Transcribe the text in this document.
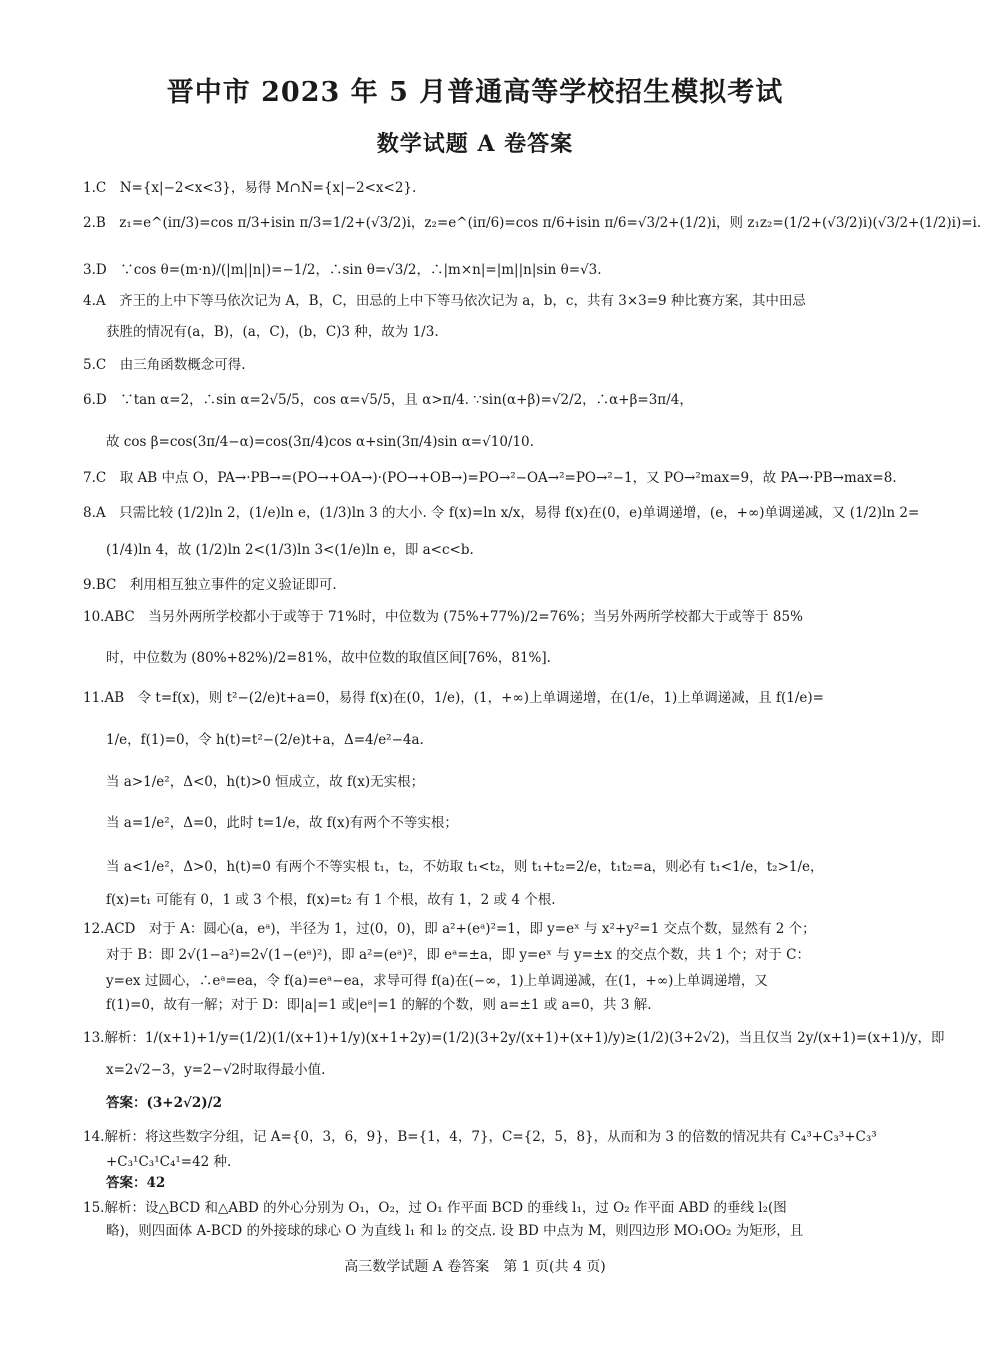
晋中市 2023 年 5 月普通高等学校招生模拟考试
数学试题 A 卷答案
1.C　N={x|−2<x<3}，易得 M∩N={x|−2<x<2}.
2.B　z₁=e^(iπ/3)=cos π/3+isin π/3=1/2+(√3/2)i，z₂=e^(iπ/6)=cos π/6+isin π/6=√3/2+(1/2)i，则 z₁z₂=(1/2+(√3/2)i)(√3/2+(1/2)i)=i.
3.D　∵cos θ=(m·n)/(|m||n|)=−1/2，∴sin θ=√3/2，∴|m×n|=|m||n|sin θ=√3.
4.A　齐王的上中下等马依次记为 A，B，C，田忌的上中下等马依次记为 a，b，c，共有 3×3=9 种比赛方案，其中田忌
获胜的情况有(a，B)，(a，C)，(b，C)3 种，故为 1/3.
5.C　由三角函数概念可得.
6.D　∵tan α=2，∴sin α=2√5/5，cos α=√5/5，且 α>π/4. ∵sin(α+β)=√2/2，∴α+β=3π/4，
故 cos β=cos(3π/4−α)=cos(3π/4)cos α+sin(3π/4)sin α=√10/10.
7.C　取 AB 中点 O，PA→·PB→=(PO→+OA→)·(PO→+OB→)=PO→²−OA→²=PO→²−1，又 PO→²max=9，故 PA→·PB→max=8.
8.A　只需比较 (1/2)ln 2，(1/e)ln e，(1/3)ln 3 的大小. 令 f(x)=ln x/x，易得 f(x)在(0，e)单调递增，(e，+∞)单调递减，又 (1/2)ln 2=
(1/4)ln 4，故 (1/2)ln 2<(1/3)ln 3<(1/e)ln e，即 a<c<b.
9.BC　利用相互独立事件的定义验证即可.
10.ABC　当另外两所学校都小于或等于 71%时，中位数为 (75%+77%)/2=76%；当另外两所学校都大于或等于 85%
时，中位数为 (80%+82%)/2=81%，故中位数的取值区间[76%，81%].
11.AB　令 t=f(x)，则 t²−(2/e)t+a=0，易得 f(x)在(0，1/e)，(1，+∞)上单调递增，在(1/e，1)上单调递减，且 f(1/e)=
1/e，f(1)=0，令 h(t)=t²−(2/e)t+a，Δ=4/e²−4a.
当 a>1/e²，Δ<0，h(t)>0 恒成立，故 f(x)无实根；
当 a=1/e²，Δ=0，此时 t=1/e，故 f(x)有两个不等实根；
当 a<1/e²，Δ>0，h(t)=0 有两个不等实根 t₁，t₂，不妨取 t₁<t₂，则 t₁+t₂=2/e，t₁t₂=a，则必有 t₁<1/e，t₂>1/e，
f(x)=t₁ 可能有 0，1 或 3 个根，f(x)=t₂ 有 1 个根，故有 1，2 或 4 个根.
12.ACD　对于 A：圆心(a，eᵃ)，半径为 1，过(0，0)，即 a²+(eᵃ)²=1，即 y=eˣ 与 x²+y²=1 交点个数，显然有 2 个；
对于 B：即 2√(1−a²)=2√(1−(eᵃ)²)，即 a²=(eᵃ)²，即 eᵃ=±a，即 y=eˣ 与 y=±x 的交点个数，共 1 个；对于 C：
y=ex 过圆心，∴eᵃ=ea，令 f(a)=eᵃ−ea，求导可得 f(a)在(−∞，1)上单调递减，在(1，+∞)上单调递增，又
f(1)=0，故有一解；对于 D：即|a|=1 或|eᵃ|=1 的解的个数，则 a=±1 或 a=0，共 3 解.
13.解析：1/(x+1)+1/y=(1/2)(1/(x+1)+1/y)(x+1+2y)=(1/2)(3+2y/(x+1)+(x+1)/y)≥(1/2)(3+2√2)，当且仅当 2y/(x+1)=(x+1)/y，即
x=2√2−3，y=2−√2时取得最小值.
答案：(3+2√2)/2
14.解析：将这些数字分组，记 A={0，3，6，9}，B={1，4，7}，C={2，5，8}，从而和为 3 的倍数的情况共有 C₄³+C₃³+C₃³
+C₃¹C₃¹C₄¹=42 种.
答案：42
15.解析：设△BCD 和△ABD 的外心分别为 O₁，O₂，过 O₁ 作平面 BCD 的垂线 l₁，过 O₂ 作平面 ABD 的垂线 l₂(图
略)，则四面体 A-BCD 的外接球的球心 O 为直线 l₁ 和 l₂ 的交点. 设 BD 中点为 M，则四边形 MO₁OO₂ 为矩形，且
高三数学试题 A 卷答案　第 1 页(共 4 页)
